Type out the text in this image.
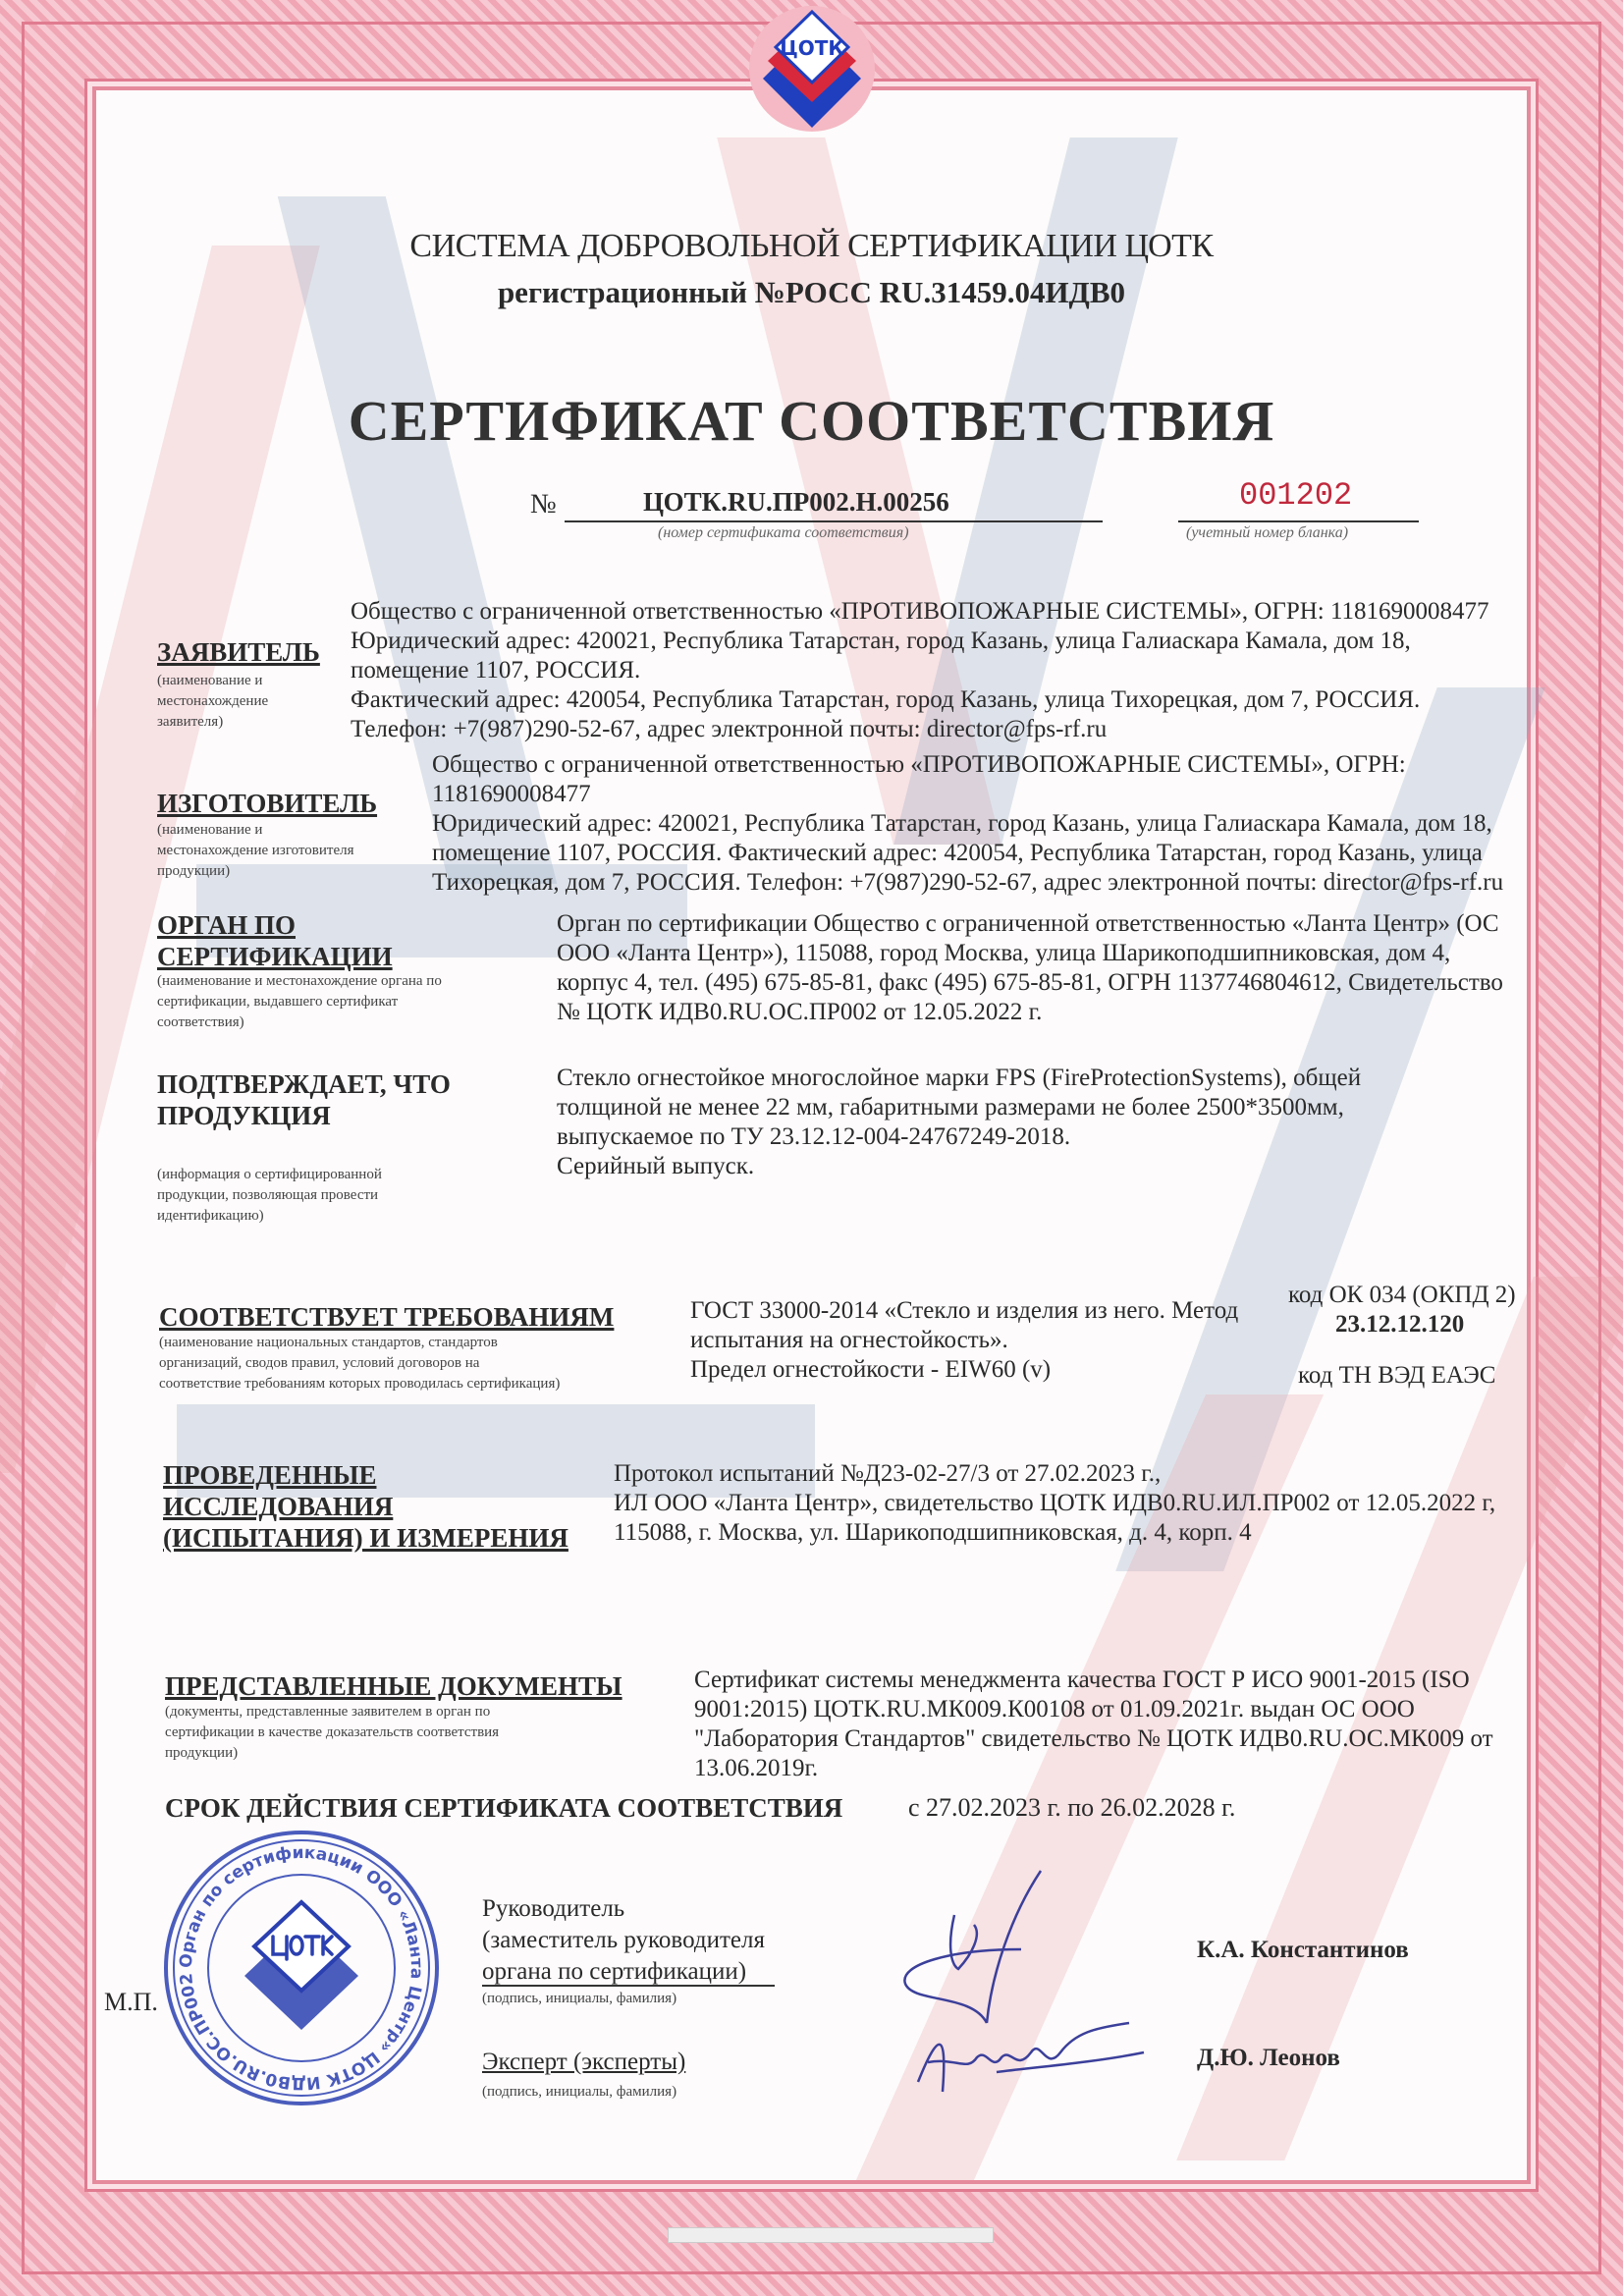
ЦОТК
СИСТЕМА ДОБРОВОЛЬНОЙ СЕРТИФИКАЦИИ ЦОТК
регистрационный №РОСС RU.31459.04ИДВ0
СЕРТИФИКАТ СООТВЕТСТВИЯ
№	ЦОТК.RU.ПР002.Н.00256
(номер сертификата соответствия)
001202
(учетный номер бланка)
ЗАЯВИТЕЛЬ
(наименование и
местонахождение
заявителя)
Общество с ограниченной ответственностью «ПРОТИВОПОЖАРНЫЕ СИСТЕМЫ», ОГРН: 1181690008477
Юридический адрес: 420021, Республика Татарстан, город Казань, улица Галиаскара Камала, дом 18,
помещение 1107, РОССИЯ.
Фактический адрес: 420054, Республика Татарстан, город Казань, улица Тихорецкая, дом 7, РОССИЯ.
Телефон: +7(987)290-52-67, адрес электронной почты: director@fps-rf.ru
ИЗГОТОВИТЕЛЬ
(наименование и
местонахождение изготовителя
продукции)
Общество с ограниченной ответственностью «ПРОТИВОПОЖАРНЫЕ СИСТЕМЫ», ОГРН:
1181690008477
Юридический адрес: 420021, Республика Татарстан, город Казань, улица Галиаскара Камала, дом 18,
помещение 1107, РОССИЯ. Фактический адрес: 420054, Республика Татарстан, город Казань, улица
Тихорецкая, дом 7, РОССИЯ. Телефон: +7(987)290-52-67, адрес электронной почты: director@fps-rf.ru
ОРГАН ПО
СЕРТИФИКАЦИИ
(наименование и местонахождение органа по
сертификации, выдавшего сертификат
соответствия)
Орган по сертификации Общество с ограниченной ответственностью «Ланта Центр» (ОС
ООО «Ланта Центр»), 115088, город Москва, улица Шарикоподшипниковская, дом 4,
корпус 4, тел. (495) 675-85-81, факс (495) 675-85-81, ОГРН 1137746804612, Свидетельство
№ ЦОТК ИДВ0.RU.ОС.ПР002 от 12.05.2022 г.
ПОДТВЕРЖДАЕТ, ЧТО
ПРОДУКЦИЯ
(информация о сертифицированной
продукции, позволяющая провести
идентификацию)
Стекло огнестойкое многослойное марки FPS (FireProtectionSystems), общей
толщиной не менее 22 мм, габаритными размерами не более 2500*3500мм,
выпускаемое по ТУ 23.12.12-004-24767249-2018.
Серийный выпуск.
СООТВЕТСТВУЕТ ТРЕБОВАНИЯМ
(наименование национальных стандартов, стандартов
организаций, сводов правил, условий договоров на
соответствие требованиям которых проводилась сертификация)
ГОСТ 33000-2014 «Стекло и изделия из него. Метод
испытания на огнестойкость».
Предел огнестойкости - EIW60 (v)
код ОК 034 (ОКПД 2)
23.12.12.120
код ТН ВЭД ЕАЭС
ПРОВЕДЕННЫЕ
ИССЛЕДОВАНИЯ
(ИСПЫТАНИЯ) И ИЗМЕРЕНИЯ
Протокол испытаний №Д23-02-27/3 от 27.02.2023 г.,
ИЛ ООО «Ланта Центр», свидетельство ЦОТК ИДВ0.RU.ИЛ.ПР002 от 12.05.2022 г,
115088, г. Москва, ул. Шарикоподшипниковская, д. 4, корп. 4
ПРЕДСТАВЛЕННЫЕ ДОКУМЕНТЫ
(документы, представленные заявителем в орган по
сертификации в качестве доказательств соответствия
продукции)
Сертификат системы менеджмента качества ГОСТ Р ИСО 9001-2015 (ISO
9001:2015) ЦОТК.RU.МК009.К00108 от 01.09.2021г. выдан ОС ООО
"Лаборатория Стандартов" свидетельство № ЦОТК ИДВ0.RU.ОС.МК009 от
13.06.2019г.
СРОК ДЕЙСТВИЯ СЕРТИФИКАТА СООТВЕТСТВИЯ	с 27.02.2023 г. по 26.02.2028 г.
Орган по сертификации ООО «Ланта Центр» ЦОТК ИДВ0.RU.ОС.ПР002
М.П.
Руководитель
(заместитель руководителя
органа по сертификации)
(подпись, инициалы, фамилия)
К.А. Константинов
Эксперт (эксперты)
(подпись, инициалы, фамилия)
Д.Ю. Леонов
